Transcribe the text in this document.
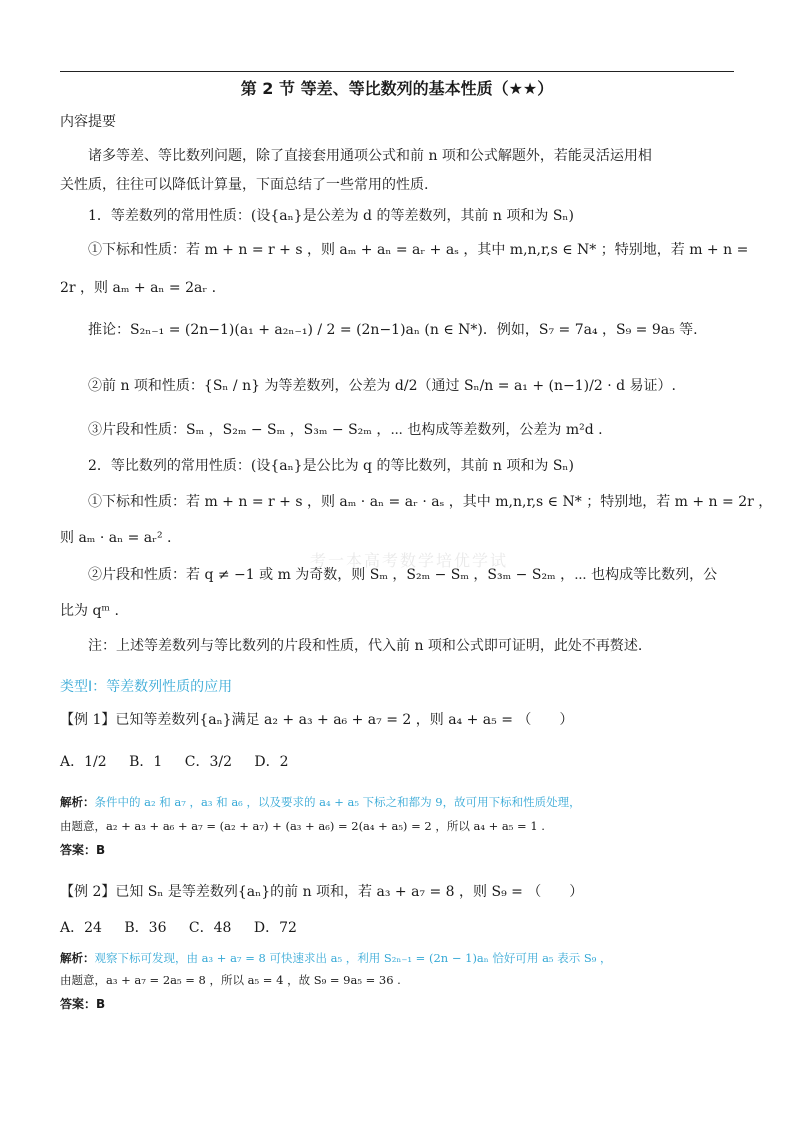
第 2 节 等差、等比数列的基本性质（★★）
内容提要
诸多等差、等比数列问题，除了直接套用通项公式和前 n 项和公式解题外，若能灵活运用相
关性质，往往可以降低计算量，下面总结了一些常用的性质.
1．等差数列的常用性质：(设{aₙ}是公差为 d 的等差数列，其前 n 项和为 Sₙ)
①下标和性质：若 m + n = r + s ，则 aₘ + aₙ = aᵣ + aₛ ，其中 m,n,r,s ∈ N* ；特别地，若 m + n =
2r ，则 aₘ + aₙ = 2aᵣ .
推论：S₂ₙ₋₁ = (2n−1)(a₁ + a₂ₙ₋₁) / 2 = (2n−1)aₙ (n ∈ N*)．例如，S₇ = 7a₄ ，S₉ = 9a₅ 等.
②前 n 项和性质：{Sₙ / n} 为等差数列，公差为 d/2（通过 Sₙ/n = a₁ + (n−1)/2 · d 易证）.
③片段和性质：Sₘ ，S₂ₘ − Sₘ ，S₃ₘ − S₂ₘ ，⋯ 也构成等差数列，公差为 m²d .
2．等比数列的常用性质：(设{aₙ}是公比为 q 的等比数列，其前 n 项和为 Sₙ)
①下标和性质：若 m + n = r + s ，则 aₘ · aₙ = aᵣ · aₛ ，其中 m,n,r,s ∈ N* ；特别地，若 m + n = 2r ，
则 aₘ · aₙ = aᵣ² .
考一本高考数学培优学试
②片段和性质：若 q ≠ −1 或 m 为奇数，则 Sₘ ，S₂ₘ − Sₘ ，S₃ₘ − S₂ₘ ，⋯ 也构成等比数列，公
比为 qᵐ .
注：上述等差数列与等比数列的片段和性质，代入前 n 项和公式即可证明，此处不再赘述.
类型Ⅰ：等差数列性质的应用
【例 1】已知等差数列{aₙ}满足 a₂ + a₃ + a₆ + a₇ = 2 ，则 a₄ + a₅ = （　　）
A．1/2　 B．1　 C．3/2　 D．2
解析：条件中的 a₂ 和 a₇ ，a₃ 和 a₆ ，以及要求的 a₄ + a₅ 下标之和都为 9，故可用下标和性质处理，
由题意，a₂ + a₃ + a₆ + a₇ = (a₂ + a₇) + (a₃ + a₆) = 2(a₄ + a₅) = 2 ，所以 a₄ + a₅ = 1 .
答案：B
【例 2】已知 Sₙ 是等差数列{aₙ}的前 n 项和，若 a₃ + a₇ = 8 ，则 S₉ = （　　）
A．24　 B．36　 C．48　 D．72
解析：观察下标可发现，由 a₃ + a₇ = 8 可快速求出 a₅ ，利用 S₂ₙ₋₁ = (2n − 1)aₙ 恰好可用 a₅ 表示 S₉ ，
由题意，a₃ + a₇ = 2a₅ = 8 ，所以 a₅ = 4 ，故 S₉ = 9a₅ = 36 .
答案：B
